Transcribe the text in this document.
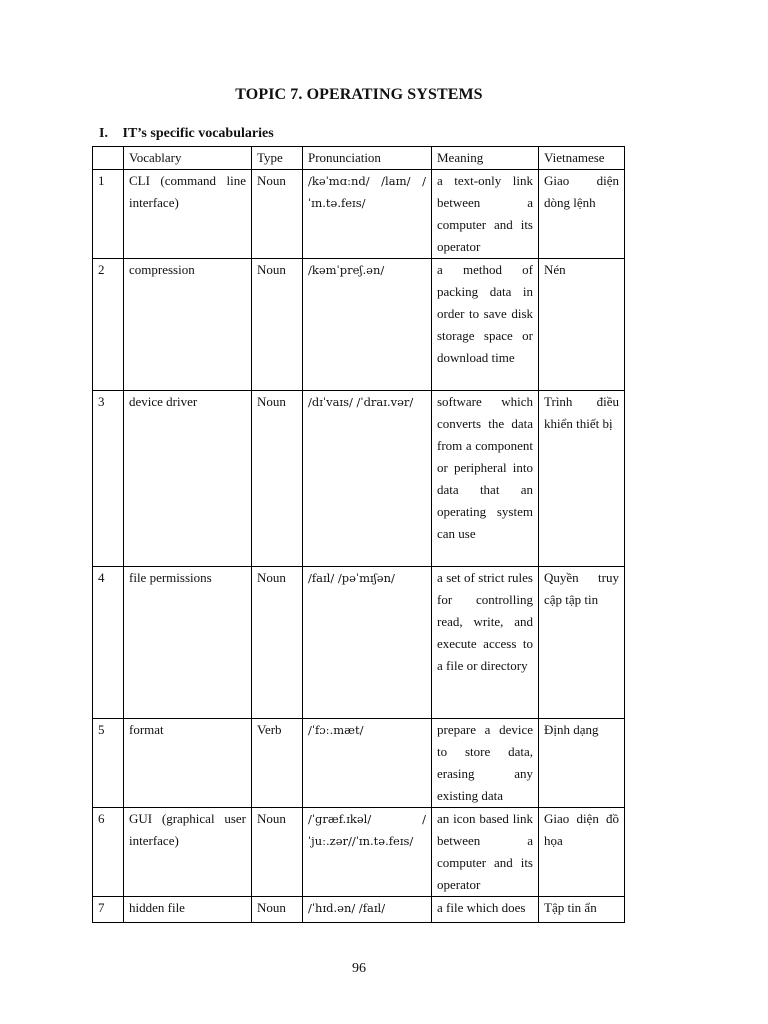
TOPIC 7. OPERATING SYSTEMS
I. IT’s specific vocabularies
	Vocablary	Type	Pronunciation	Meaning	Vietnamese
1	CLI (command line interface)	Noun	/kəˈmɑːnd/ /laɪn/ /ˈɪn.tə.feɪs/	a text-only link between a computer and its operator	Giao diện dòng lệnh
2	compression	Noun	/kəmˈpreʃ.ən/	a method of packing data in order to save disk storage space or download time	Nén
3	device driver	Noun	/dɪˈvaɪs/ /ˈdraɪ.vər/	software which converts the data from a component or peripheral into data that an operating system can use	Trình điều khiển thiết bị
4	file permissions	Noun	/faɪl/ /pəˈmɪʃən/	a set of strict rules for controlling read, write, and execute access to a file or directory	Quyền truy cập tập tin
5	format	Verb	/ˈfɔː.mæt/	prepare a device to store data, erasing any existing data	Định dạng
6	GUI (graphical user interface)	Noun	/ˈɡræf.ɪkəl/ /ˈjuː.zər//ˈɪn.tə.feɪs/	an icon based link between a computer and its operator	Giao diện đồ họa
7	hidden file	Noun	/ˈhɪd.ən/ /faɪl/	a file which does	Tập tin ẩn
96
